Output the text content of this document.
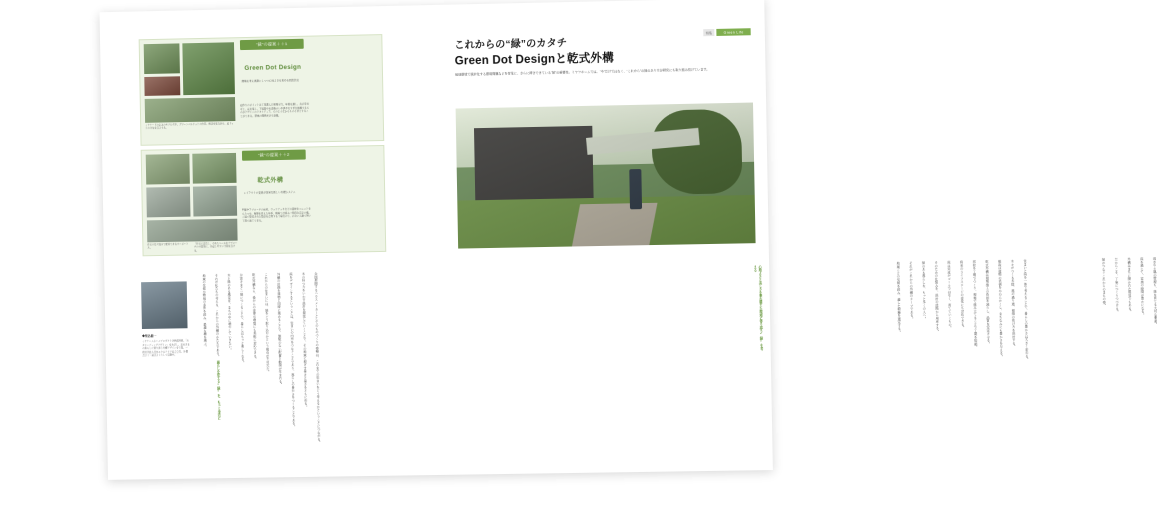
“緑”の提案＋＋1
Green Dot Design
環境を考え真劇にしつつ心地よさを見める回設計法
庭作りのポイントは工別選んだ植栗分注。年間を通し、各が辛を可じ、花を楽し、下場陪中を過物のいや湛やむすぎな体験するものがデザインのドキイディア。そのようなからものそぎとすることができる。肥城の環境度がも進展。
ミヤケードの家みのモデル考中。グリーンパルドットの位置、植栽を見ながら、庭ドットの分布を設計する。
“緑”の提案＋＋2
乾式外構
レイアウトの変更が容易な新しい外構システム
門扉やアプローチの床材、ウッドデッキなどの部材をコニットをもたつせ、物顔を伴えた年季、現場では組み一般的な設計の後、三場で製造された製品を設置する工場なので、かない人数で短い工期で施工できる。
住宅の第２段分で配置できるカーポートス。
「住宅に近造し、それたヘースをアプローチの分量割に、外庭しやすい空間を設ける。
◆柴込健一
ミヤケームホームプロダクト企画部所属。「スタリーディングデザイン」をめざし、お客さまの暮らしに寄り添う外構デザインを実践。一般社団法人日本エクステリア協会会員、外構設計士・庭設計士として活動中。	全国展開するハウスメーカーとしてのものづくりの姿勢は、これまでの住まいをどう考えるかということにつながる。
木の持つ力をいかす設計を提案していくことで、その地域に根ざす暑さと暑さをともに作る。
庭をデザインするということは、住まいの内外をつなぐことであり、暮らしの豊かさをつくることである。
外構の計画を建物と同時に進めることで、無駄のない配置と動線が生まれる。
これからの住まいには、緑をどう取り込むかという視点が不可欠だ。
乾式外構なら、後からの変更や増築にも柔軟に対応できる。
お客さまと一緒につくることで、暑らしはもっと楽しくなる。
木と緑のある風景を、まちの中に増やしていきたい。
それが私たちの考える、これからの外構のかたちである。
地域の気候や敷地の条件を読み、最適な種を選ぶ。
暮らしを変える“緑”を、もっと身近に
特集	Green Life
これからの“緑”のカタチ
Green Dot Designと乾式外構
地球環境で演対化する環境問題などを背景に、さらに押さできている“緑”の重要性。ミヤワホームでは、“今”だけではなく、“これから”の緑のあり方が研究にも取り組み続けています。
心地よさと美しさを兼ね備えた環境に寄り添う“緑”を考える	住まいと庭を一体で考えることで、暑らしの豊かさは大きく変わる。
木々がつくる木陰、風の通り道、視線の抜け方を設計する。
植栽は建物の表情をやわらかくし、まちなみにも豊かさを与える。
乾式外構は現場施工の負担を減らし、品質を安定させる。
部材を工場でつくり、現場で組み立てることで工期を短縮。
将来のライフステージの変化にも対応できる。
庭は完成がゴールではなく、育てていくもの。
そのための仕組みを、設計の段階から用意する。
緑のある暮らしを、もっと多くの人へ。
それがこれからの外構のテーマである。
地域ごとの気候を読み、適した樹種を選定する。	雨水や土壌の管理も、緑を育てる大切な要素。
庭を通じて、家族の時間が豊かになる。
外構はまちに開かれた風景でもある。
だからこそ、丁寧につくりつづける。
緑がつなぐこれからのまちの姿。
